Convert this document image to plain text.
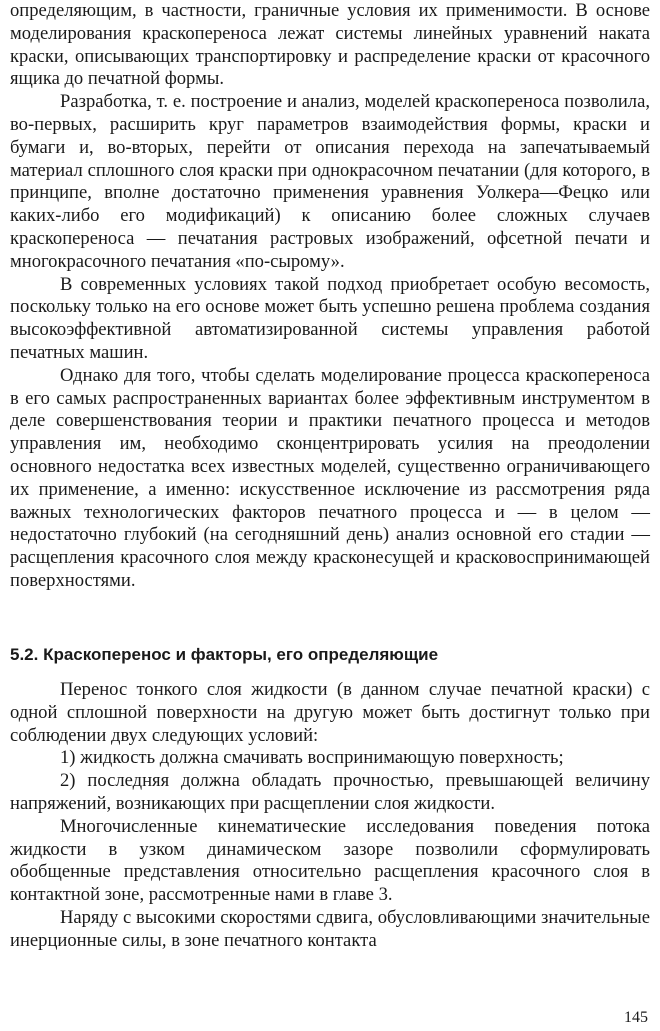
определяющим, в частности, граничные условия их применимости. В основе моделирования краскопереноса лежат системы линейных уравнений наката краски, описывающих транспортировку и распределение краски от красочного ящика до печатной формы.

Разработка, т. е. построение и анализ, моделей краскопереноса позволила, во-первых, расширить круг параметров взаимодействия формы, краски и бумаги и, во-вторых, перейти от описания перехода на запечатываемый материал сплошного слоя краски при однокрасочном печатании (для которого, в принципе, вполне достаточно применения уравнения Уолкера—Фецко или каких-либо его модификаций) к описанию более сложных случаев краскопереноса — печатания растровых изображений, офсетной печати и многокрасочного печатания «по-сырому».

В современных условиях такой подход приобретает особую весомость, поскольку только на его основе может быть успешно решена проблема создания высокоэффективной автоматизированной системы управления работой печатных машин.

Однако для того, чтобы сделать моделирование процесса краскопереноса в его самых распространенных вариантах более эффективным инструментом в деле совершенствования теории и практики печатного процесса и методов управления им, необходимо сконцентрировать усилия на преодолении основного недостатка всех известных моделей, существенно ограничивающего их применение, а именно: искусственное исключение из рассмотрения ряда важных технологических факторов печатного процесса и — в целом — недостаточно глубокий (на сегодняшний день) анализ основной его стадии — расщепления красочного слоя между красконесущей и красковоспринимающей поверхностями.

5.2. Краскоперенос и факторы, его определяющие

Перенос тонкого слоя жидкости (в данном случае печатной краски) с одной сплошной поверхности на другую может быть достигнут только при соблюдении двух следующих условий:

1) жидкость должна смачивать воспринимающую поверхность;

2) последняя должна обладать прочностью, превышающей величину напряжений, возникающих при расщеплении слоя жидкости.

Многочисленные кинематические исследования поведения потока жидкости в узком динамическом зазоре позволили сформулировать обобщенные представления относительно расщепления красочного слоя в контактной зоне, рассмотренные нами в главе 3.

Наряду с высокими скоростями сдвига, обусловливающими значительные инерционные силы, в зоне печатного контакта

145
